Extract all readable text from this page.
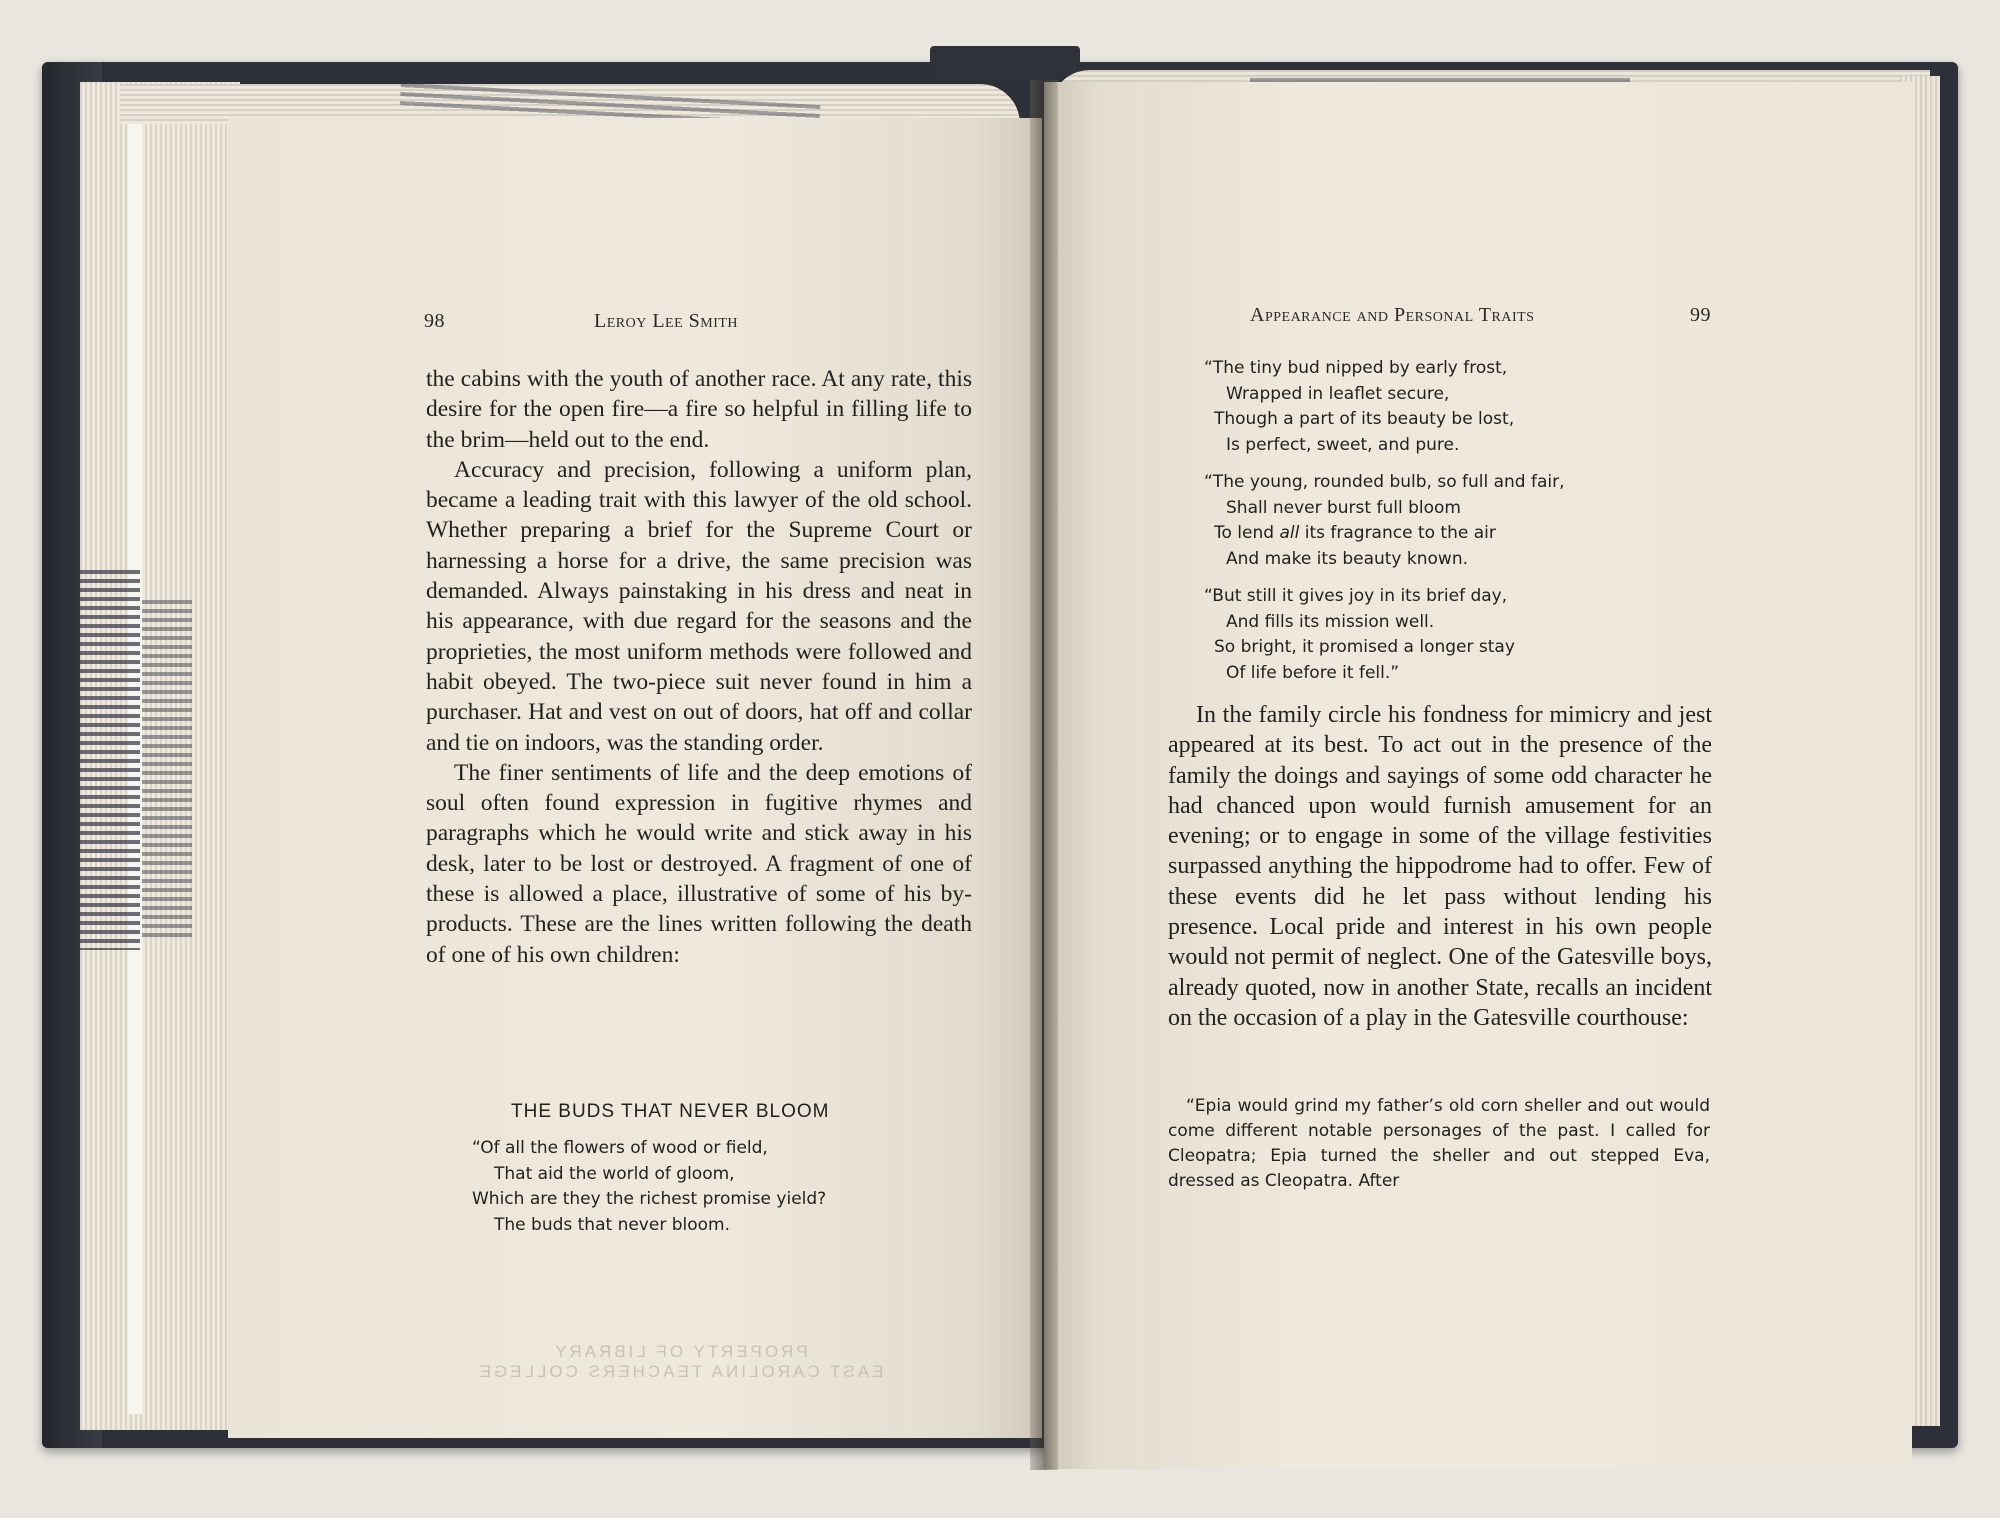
98	Leroy Lee Smith

the cabins with the youth of another race. At any rate, this desire for the open fire—a fire so helpful in filling life to the brim—held out to the end.

Accuracy and precision, following a uniform plan, became a leading trait with this lawyer of the old school. Whether preparing a brief for the Supreme Court or harnessing a horse for a drive, the same precision was demanded. Always painstaking in his dress and neat in his appearance, with due regard for the seasons and the proprieties, the most uniform methods were followed and habit obeyed. The two-piece suit never found in him a purchaser. Hat and vest on out of doors, hat off and collar and tie on indoors, was the standing order.

The finer sentiments of life and the deep emotions of soul often found expression in fugitive rhymes and paragraphs which he would write and stick away in his desk, later to be lost or destroyed. A fragment of one of these is allowed a place, illustrative of some of his by-products. These are the lines written following the death of one of his own children:

THE BUDS THAT NEVER BLOOM
“Of all the flowers of wood or field,
That aid the world of gloom,
Which are they the richest promise yield?
The buds that never bloom.
PROPERTY OF LIBRARY
EAST CAROLINA TEACHERS COLLEGE
Appearance and Personal Traits	99
“The tiny bud nipped by early frost,
Wrapped in leaflet secure,
Though a part of its beauty be lost,
Is perfect, sweet, and pure.
“The young, rounded bulb, so full and fair,
Shall never burst full bloom
To lend all its fragrance to the air
And make its beauty known.
“But still it gives joy in its brief day,
And fills its mission well.
So bright, it promised a longer stay
Of life before it fell.”

In the family circle his fondness for mimicry and jest appeared at its best. To act out in the presence of the family the doings and sayings of some odd character he had chanced upon would furnish amusement for an evening; or to engage in some of the village festivities surpassed anything the hippodrome had to offer. Few of these events did he let pass without lending his presence. Local pride and interest in his own people would not permit of neglect. One of the Gatesville boys, already quoted, now in another State, recalls an incident on the occasion of a play in the Gatesville courthouse:

“Epia would grind my father’s old corn sheller and out would come different notable personages of the past. I called for Cleopatra; Epia turned the sheller and out stepped Eva, dressed as Cleopatra. After
